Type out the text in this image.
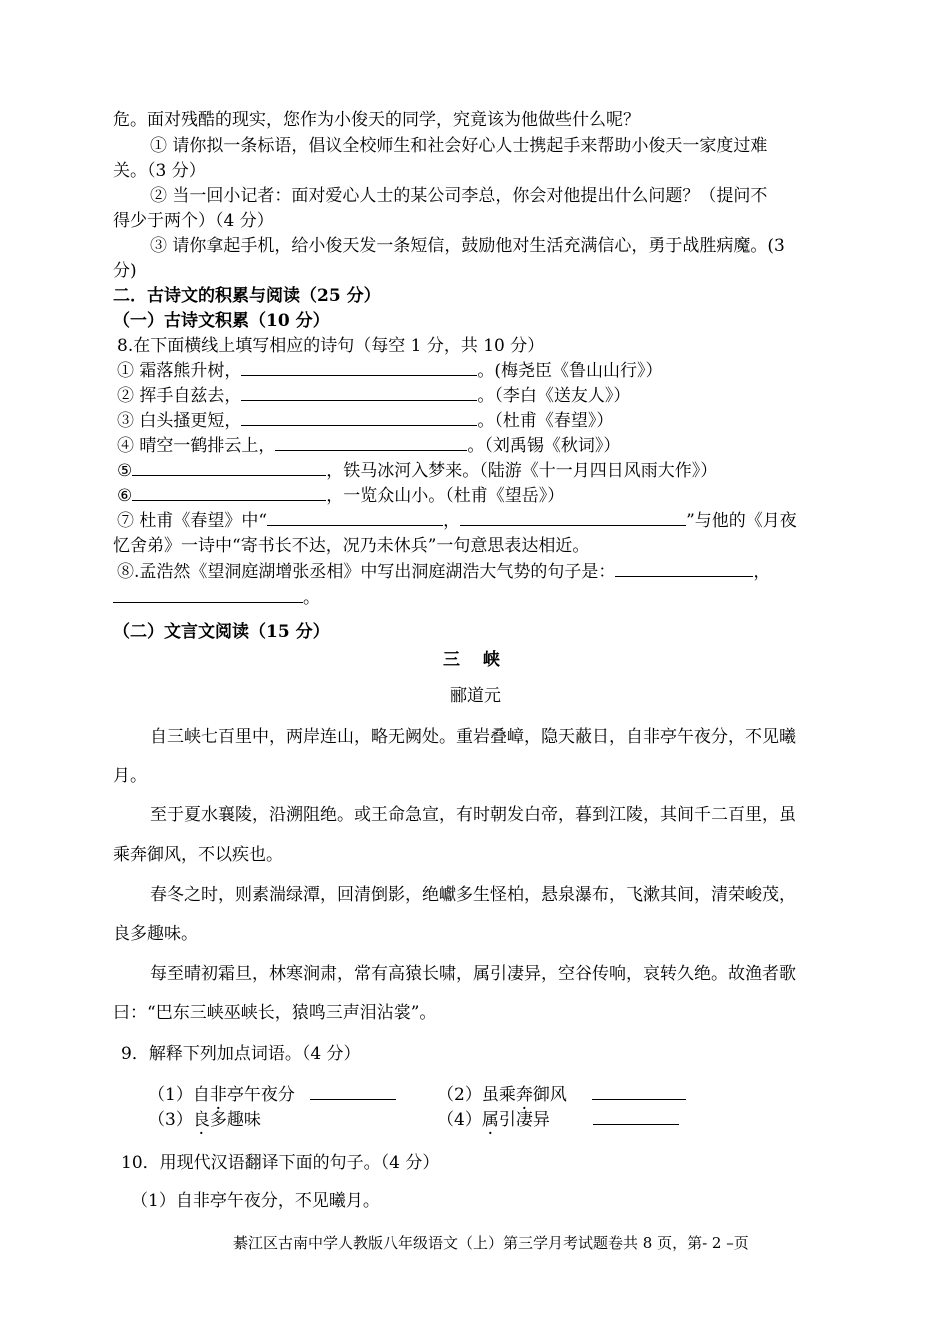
危。面对残酷的现实，您作为小俊天的同学，究竟该为他做些什么呢？
① 请你拟一条标语，倡议全校师生和社会好心人士携起手来帮助小俊天一家度过难
关。（3 分）
② 当一回小记者：面对爱心人士的某公司李总，你会对他提出什么问题？（提问不
得少于两个）（4 分）
③ 请你拿起手机，给小俊天发一条短信，鼓励他对生活充满信心，勇于战胜病魔。(3
分)
二．古诗文的积累与阅读（25 分）
（一）古诗文积累（10 分）
8.在下面横线上填写相应的诗句（每空 1 分，共 10 分）
① 霜落熊升树，	。(梅尧臣《鲁山山行》）
② 挥手自兹去，	。（李白《送友人》）
③ 白头搔更短，	。（杜甫《春望》）
④ 晴空一鹤排云上，	。（刘禹锡《秋词》）
⑤	，铁马冰河入梦来。（陆游《十一月四日风雨大作》）
⑥	，一览众山小。（杜甫《望岳》）
⑦ 杜甫《春望》中“	，	”与他的《月夜
忆舍弟》一诗中“寄书长不达，况乃未休兵”一句意思表达相近。
⑧.孟浩然《望洞庭湖增张丞相》中写出洞庭湖浩大气势的句子是：	，
。
（二）文言文阅读（15 分）
三　 峡
郦道元
自三峡七百里中，两岸连山，略无阙处。重岩叠嶂，隐天蔽日，自非亭午夜分，不见曦
月。
至于夏水襄陵，沿溯阻绝。或王命急宣，有时朝发白帝，暮到江陵，其间千二百里，虽
乘奔御风，不以疾也。
春冬之时，则素湍绿潭，回清倒影，绝巘多生怪柏，悬泉瀑布，飞漱其间，清荣峻茂，
良多趣味。
每至晴初霜旦，林寒涧肃，常有高猿长啸，属引凄异，空谷传响，哀转久绝。故渔者歌
曰：“巴东三峡巫峡长，猿鸣三声泪沾裳”。
9．解释下列加点词语。（4 分）
（1）自非亭午夜分	（2）虽乘奔御风
（3）良多趣味	（4）属引凄异
10．用现代汉语翻译下面的句子。（4 分）
（1）自非亭午夜分，不见曦月。
綦江区古南中学人教版八年级语文（上）第三学月考试题卷共 8 页，第- 2 –页
